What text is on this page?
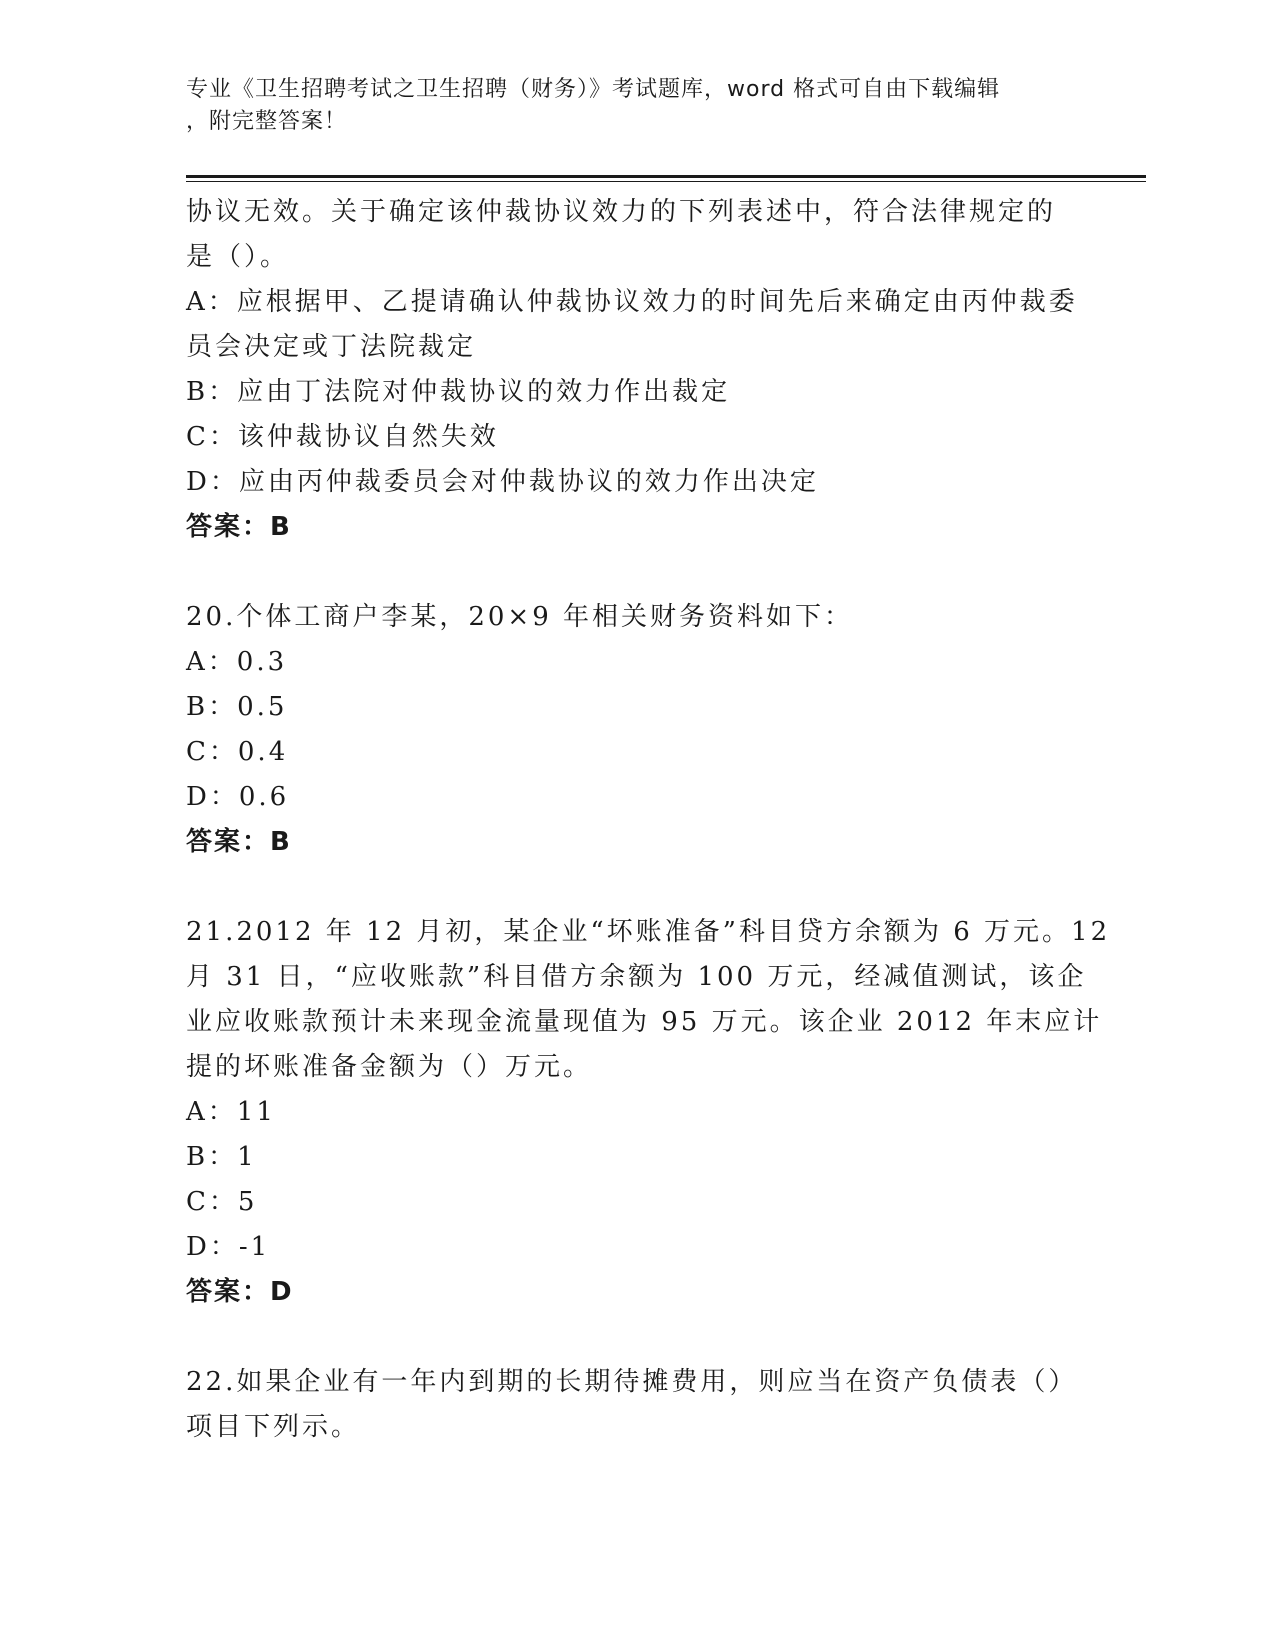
专业《卫生招聘考试之卫生招聘（财务）》考试题库，word 格式可自由下载编辑
，附完整答案！
协议无效。关于确定该仲裁协议效力的下列表述中，符合法律规定的
是（）。
A：应根据甲、乙提请确认仲裁协议效力的时间先后来确定由丙仲裁委
员会决定或丁法院裁定
B：应由丁法院对仲裁协议的效力作出裁定
C：该仲裁协议自然失效
D：应由丙仲裁委员会对仲裁协议的效力作出决定
答案：B
20.个体工商户李某，20×9 年相关财务资料如下：
A：0.3
B：0.5
C：0.4
D：0.6
答案：B
21.2012 年 12 月初，某企业“坏账准备”科目贷方余额为 6 万元。12
月 31 日，“应收账款”科目借方余额为 100 万元，经减值测试，该企
业应收账款预计未来现金流量现值为 95 万元。该企业 2012 年末应计
提的坏账准备金额为（）万元。
A：11
B：1
C：5
D：-1
答案：D
22.如果企业有一年内到期的长期待摊费用，则应当在资产负债表（）
项目下列示。
